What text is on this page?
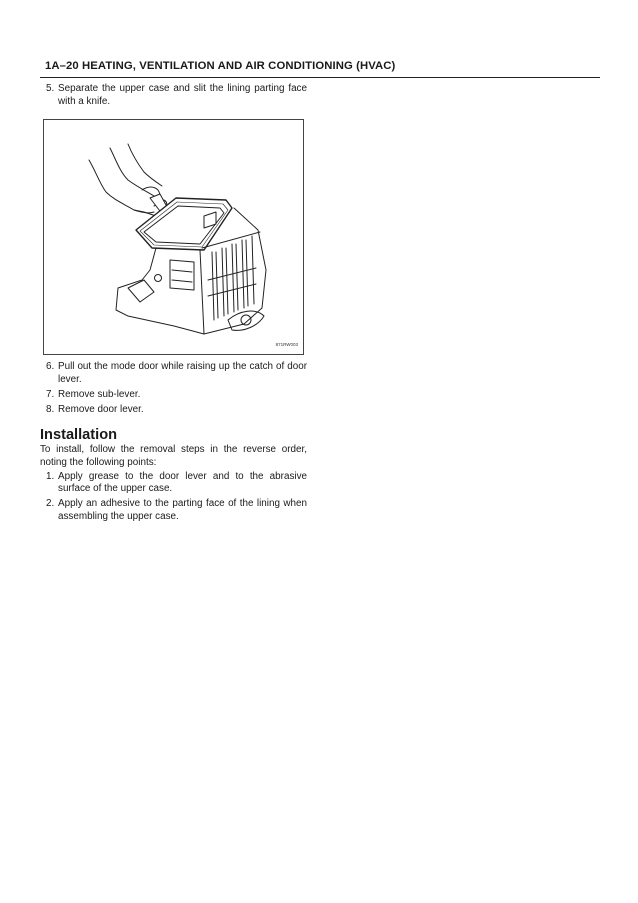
1A–20 HEATING, VENTILATION AND AIR CONDITIONING (HVAC)
5. Separate the upper case and slit the lining parting face with a knife.
871RW003
6. Pull out the mode door while raising up the catch of door lever.
7. Remove sub-lever.
8. Remove door lever.
Installation
To install, follow the removal steps in the reverse order, noting the following points:
1. Apply grease to the door lever and to the abrasive surface of the upper case.
2. Apply an adhesive to the parting face of the lining when assembling the upper case.
